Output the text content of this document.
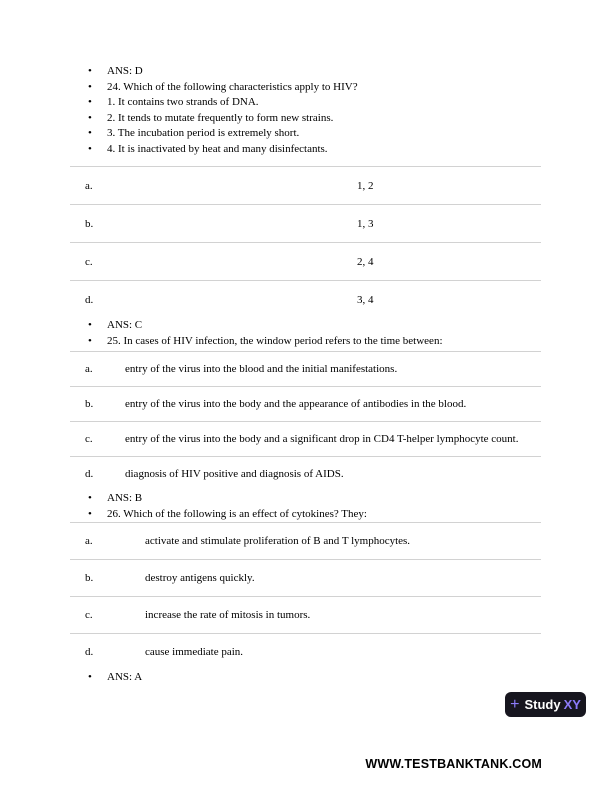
• ANS: D
• 24. Which of the following characteristics apply to HIV?
• 1. It contains two strands of DNA.
• 2. It tends to mutate frequently to form new strains.
• 3. The incubation period is extremely short.
• 4. It is inactivated by heat and many disinfectants.
a.	1, 2
b.	1, 3
c.	2, 4
d.	3, 4
• ANS: C
• 25. In cases of HIV infection, the window period refers to the time between:
a.	entry of the virus into the blood and the initial manifestations.
b.	entry of the virus into the body and the appearance of antibodies in the blood.
c.	entry of the virus into the body and a significant drop in CD4 T-helper lymphocyte count.
d.	diagnosis of HIV positive and diagnosis of AIDS.
• ANS: B
• 26. Which of the following is an effect of cytokines? They:
a.	activate and stimulate proliferation of B and T lymphocytes.
b.	destroy antigens quickly.
c.	increase the rate of mitosis in tumors.
d.	cause immediate pain.
• ANS: A
+ Study XY
WWW.TESTBANKTANK.COM
